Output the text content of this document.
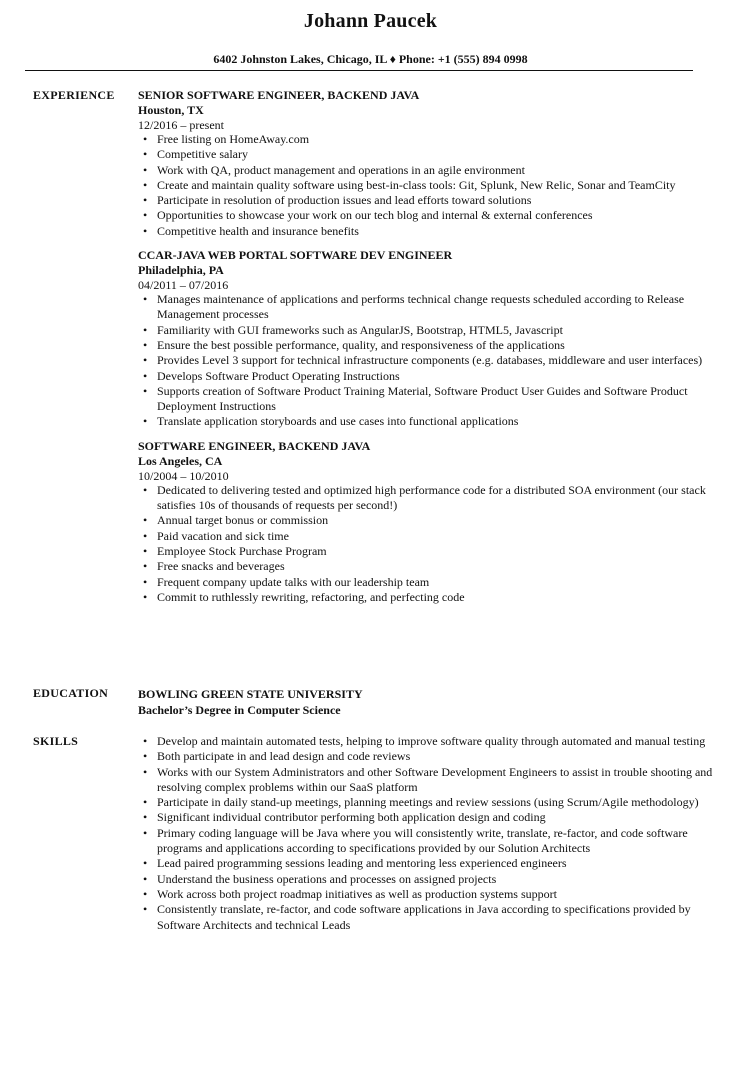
Johann Paucek
6402 Johnston Lakes, Chicago, IL ♦ Phone: +1 (555) 894 0998
EXPERIENCE SENIOR SOFTWARE ENGINEER, BACKEND JAVA
Houston, TX
12/2016 – present
• Free listing on HomeAway.com
• Competitive salary
• Work with QA, product management and operations in an agile environment
• Create and maintain quality software using best-in-class tools: Git, Splunk, New Relic, Sonar and TeamCity
• Participate in resolution of production issues and lead efforts toward solutions
• Opportunities to showcase your work on our tech blog and internal & external conferences
• Competitive health and insurance benefits
CCAR-JAVA WEB PORTAL SOFTWARE DEV ENGINEER
Philadelphia, PA
04/2011 – 07/2016
• Manages maintenance of applications and performs technical change requests scheduled according to Release Management processes
• Familiarity with GUI frameworks such as AngularJS, Bootstrap, HTML5, Javascript
• Ensure the best possible performance, quality, and responsiveness of the applications
• Provides Level 3 support for technical infrastructure components (e.g. databases, middleware and user interfaces)
• Develops Software Product Operating Instructions
• Supports creation of Software Product Training Material, Software Product User Guides and Software Product Deployment Instructions
• Translate application storyboards and use cases into functional applications
SOFTWARE ENGINEER, BACKEND JAVA
Los Angeles, CA
10/2004 – 10/2010
• Dedicated to delivering tested and optimized high performance code for a distributed SOA environment (our stack satisfies 10s of thousands of requests per second!)
• Annual target bonus or commission
• Paid vacation and sick time
• Employee Stock Purchase Program
• Free snacks and beverages
• Frequent company update talks with our leadership team
• Commit to ruthlessly rewriting, refactoring, and perfecting code
EDUCATION BOWLING GREEN STATE UNIVERSITY
Bachelor’s Degree in Computer Science
SKILLS
•	Develop and maintain automated tests, helping to improve software quality through automated and manual testing
• Both participate in and lead design and code reviews
• Works with our System Administrators and other Software Development Engineers to assist in trouble shooting and resolving complex problems within our SaaS platform
• Participate in daily stand-up meetings, planning meetings and review sessions (using Scrum/Agile methodology)
• Significant individual contributor performing both application design and coding
• Primary coding language will be Java where you will consistently write, translate, re-factor, and code software programs and applications according to specifications provided by our Solution Architects
• Lead paired programming sessions leading and mentoring less experienced engineers
• Understand the business operations and processes on assigned projects
• Work across both project roadmap initiatives as well as production systems support
• Consistently translate, re-factor, and code software applications in Java according to specifications provided by Software Architects and technical Leads
